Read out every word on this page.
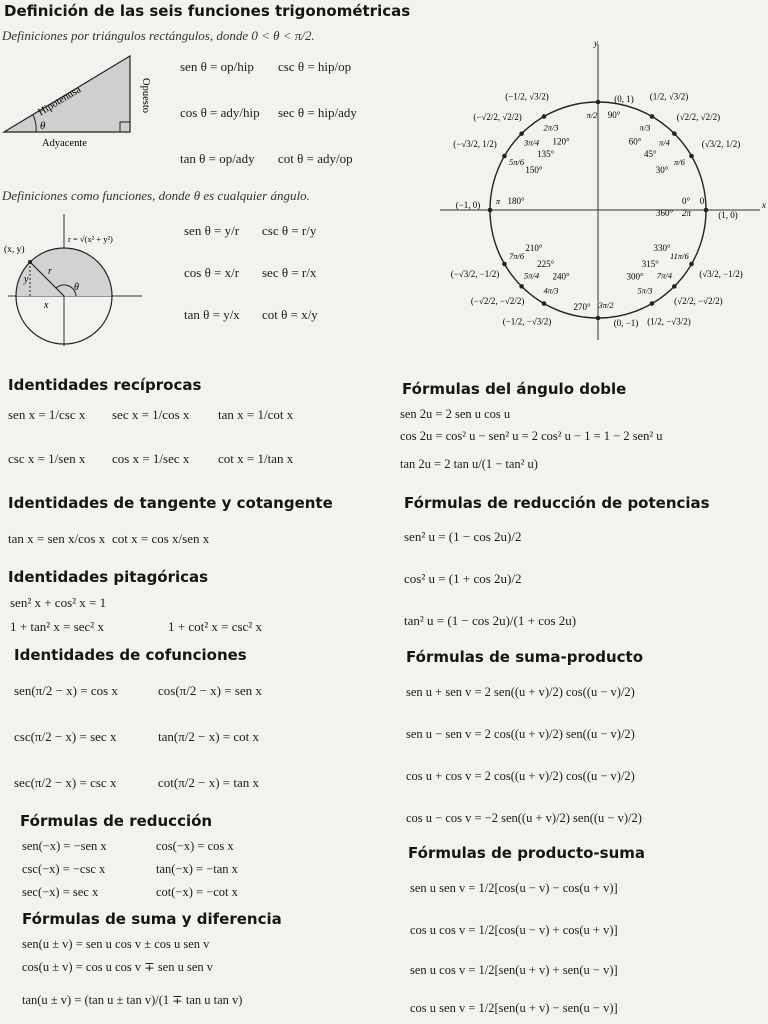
Definición de las seis funciones trigonométricas
Definiciones por triángulos rectángulos, donde 0 < θ < π/2.
Hipotenusa
θ
Opuesto
Adyacente
sen θ = op/hip csc θ = hip/op
cos θ = ady/hip sec θ = hip/ady
tan θ = op/ady cot θ = ady/op
Definiciones como funciones, donde θ es cualquier ángulo.
(x, y)
r = √(x² + y²)
r
y
x
θ
sen θ = y/r csc θ = r/y
cos θ = x/r sec θ = r/x
tan θ = y/x cot θ = x/y
x
y
360° 2π
(0, 1)
90°
π/2
(1/2, √3/2)
60°
π/3
(√2/2, √2/2)
45°
π/4	(√3/2, 1/2)
30°
π/6
(1, 0)
0° 0
(√3/2, −1/2)
330°
11π/6
(√2/2, −√2/2)
315°
7π/4
(1/2, −√3/2)
300°
5π/3
(0, −1)
270° 3π/2
(−1/2, −√3/2)
240°
4π/3
(−√2/2, −√2/2)
225°
5π/4
(−√3/2, −1/2)
210°
7π/6
(−1, 0)	180°
π
(−√3/2, 1/2)
150°
5π/6
(−√2/2, √2/2)
135°
3π/4
(−1/2, √3/2)
120°
2π/3
Identidades recíprocas
sen x = 1/csc x sec x = 1/cos x tan x = 1/cot x
csc x = 1/sen x cos x = 1/sec x cot x = 1/tan x
Identidades de tangente y cotangente
tan x = sen x/cos x cot x = cos x/sen x
Identidades pitagóricas
sen² x + cos² x = 1
1 + tan² x = sec² x	1 + cot² x = csc² x
Identidades de cofunciones
sen(π/2 − x) = cos x	cos(π/2 − x) = sen x
csc(π/2 − x) = sec x	tan(π/2 − x) = cot x
sec(π/2 − x) = csc x	cot(π/2 − x) = tan x
Fórmulas de reducción
sen(−x) = −sen x	cos(−x) = cos x
csc(−x) = −csc x	tan(−x) = −tan x
sec(−x) = sec x	cot(−x) = −cot x
Fórmulas de suma y diferencia
sen(u ± v) = sen u cos v ± cos u sen v
cos(u ± v) = cos u cos v ∓ sen u sen v
tan(u ± v) = (tan u ± tan v)/(1 ∓ tan u tan v)
Fórmulas del ángulo doble
sen 2u = 2 sen u cos u
cos 2u = cos² u − sen² u = 2 cos² u − 1 = 1 − 2 sen² u
tan 2u = 2 tan u/(1 − tan² u)
Fórmulas de reducción de potencias
sen² u = (1 − cos 2u)/2
cos² u = (1 + cos 2u)/2
tan² u = (1 − cos 2u)/(1 + cos 2u)
Fórmulas de suma-producto
sen u + sen v = 2 sen((u + v)/2) cos((u − v)/2)
sen u − sen v = 2 cos((u + v)/2) sen((u − v)/2)
cos u + cos v = 2 cos((u + v)/2) cos((u − v)/2)
cos u − cos v = −2 sen((u + v)/2) sen((u − v)/2)
Fórmulas de producto-suma
sen u sen v = 1/2[cos(u − v) − cos(u + v)]
cos u cos v = 1/2[cos(u − v) + cos(u + v)]
sen u cos v = 1/2[sen(u + v) + sen(u − v)]
cos u sen v = 1/2[sen(u + v) − sen(u − v)]
